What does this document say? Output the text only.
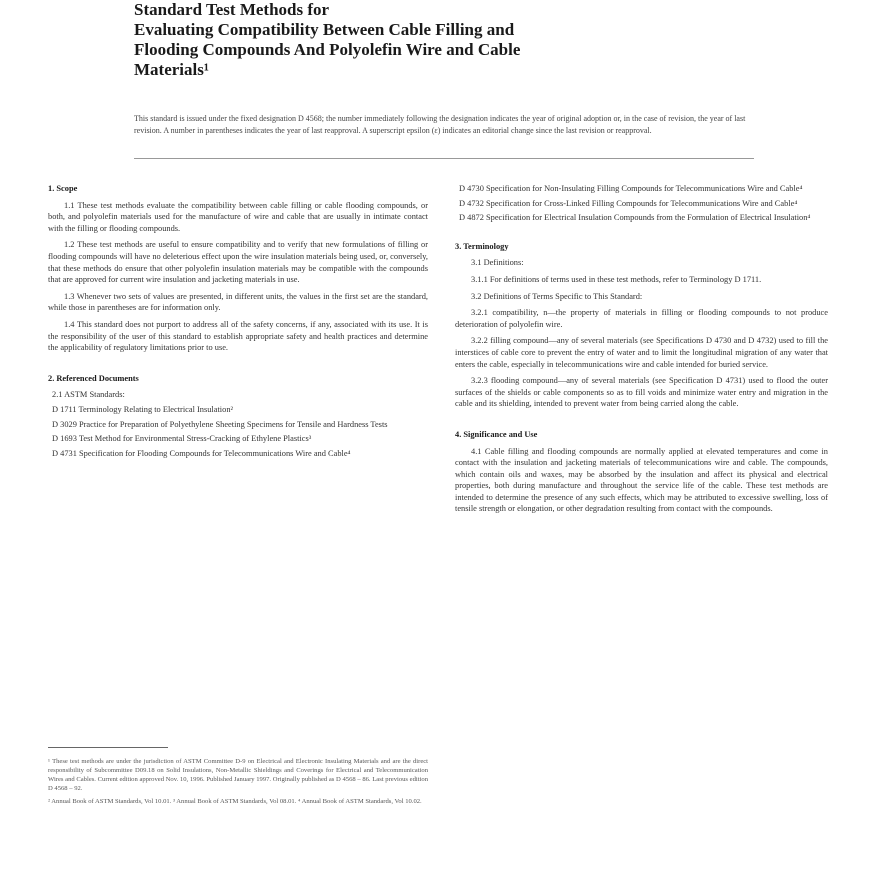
Standard Test Methods for
Evaluating Compatibility Between Cable Filling and
Flooding Compounds And Polyolefin Wire and Cable
Materials¹
This standard is issued under the fixed designation D 4568; the number immediately following the designation indicates the year of original adoption or, in the case of revision, the year of last revision. A number in parentheses indicates the year of last reapproval. A superscript epsilon (ε) indicates an editorial change since the last revision or reapproval.
1. Scope

1.1 These test methods evaluate the compatibility between cable filling or cable flooding compounds, or both, and polyolefin materials used for the manufacture of wire and cable that are usually in intimate contact with the filling or flooding compounds.

1.2 These test methods are useful to ensure compatibility and to verify that new formulations of filling or flooding compounds will have no deleterious effect upon the wire insulation materials being used, or, conversely, that these methods do ensure that other polyolefin insulation materials may be compatible with the compounds that are approved for current wire insulation and jacketing materials in use.

1.3 Whenever two sets of values are presented, in different units, the values in the first set are the standard, while those in parentheses are for information only.

1.4 This standard does not purport to address all of the safety concerns, if any, associated with its use. It is the responsibility of the user of this standard to establish appropriate safety and health practices and determine the applicability of regulatory limitations prior to use.

2. Referenced Documents
2.1 ASTM Standards:
D 1711 Terminology Relating to Electrical Insulation²
D 3029 Practice for Preparation of Polyethylene Sheeting Specimens for Tensile and Hardness Tests
D 1693 Test Method for Environmental Stress-Cracking of Ethylene Plastics³
D 4731 Specification for Flooding Compounds for Telecommunications Wire and Cable⁴

¹ These test methods are under the jurisdiction of ASTM Committee D-9 on Electrical and Electronic Insulating Materials and are the direct responsibility of Subcommittee D09.18 on Solid Insulations, Non-Metallic Shieldings and Coverings for Electrical and Telecommunication Wires and Cables. Current edition approved Nov. 10, 1996. Published January 1997. Originally published as D 4568 – 86. Last previous edition D 4568 – 92.

² Annual Book of ASTM Standards, Vol 10.01. ³ Annual Book of ASTM Standards, Vol 08.01. ⁴ Annual Book of ASTM Standards, Vol 10.02.

D 4730 Specification for Non-Insulating Filling Compounds for Telecommunications Wire and Cable⁴
D 4732 Specification for Cross-Linked Filling Compounds for Telecommunications Wire and Cable⁴
D 4872 Specification for Electrical Insulation Compounds from the Formulation of Electrical Insulation⁴
3. Terminology

3.1 Definitions:

3.1.1 For definitions of terms used in these test methods, refer to Terminology D 1711.

3.2 Definitions of Terms Specific to This Standard:

3.2.1 compatibility, n—the property of materials in filling or flooding compounds to not produce deterioration of polyolefin wire.

3.2.2 filling compound—any of several materials (see Specifications D 4730 and D 4732) used to fill the interstices of cable core to prevent the entry of water and to limit the longitudinal migration of any water that enters the cable, especially in telecommunications wire and cable intended for buried service.

3.2.3 flooding compound—any of several materials (see Specification D 4731) used to flood the outer surfaces of the shields or cable components so as to fill voids and minimize water entry and migration in the cable and its shielding, intended to prevent water from being carried along the cable.

4. Significance and Use

4.1 Cable filling and flooding compounds are normally applied at elevated temperatures and come in contact with the insulation and jacketing materials of telecommunications wire and cable. The compounds, which contain oils and waxes, may be absorbed by the insulation and affect its physical and electrical properties, both during manufacture and throughout the service life of the cable. These test methods are intended to determine the presence of any such effects, which may be attributed to excessive swelling, loss of tensile strength or elongation, or other degradation resulting from contact with the compounds.
